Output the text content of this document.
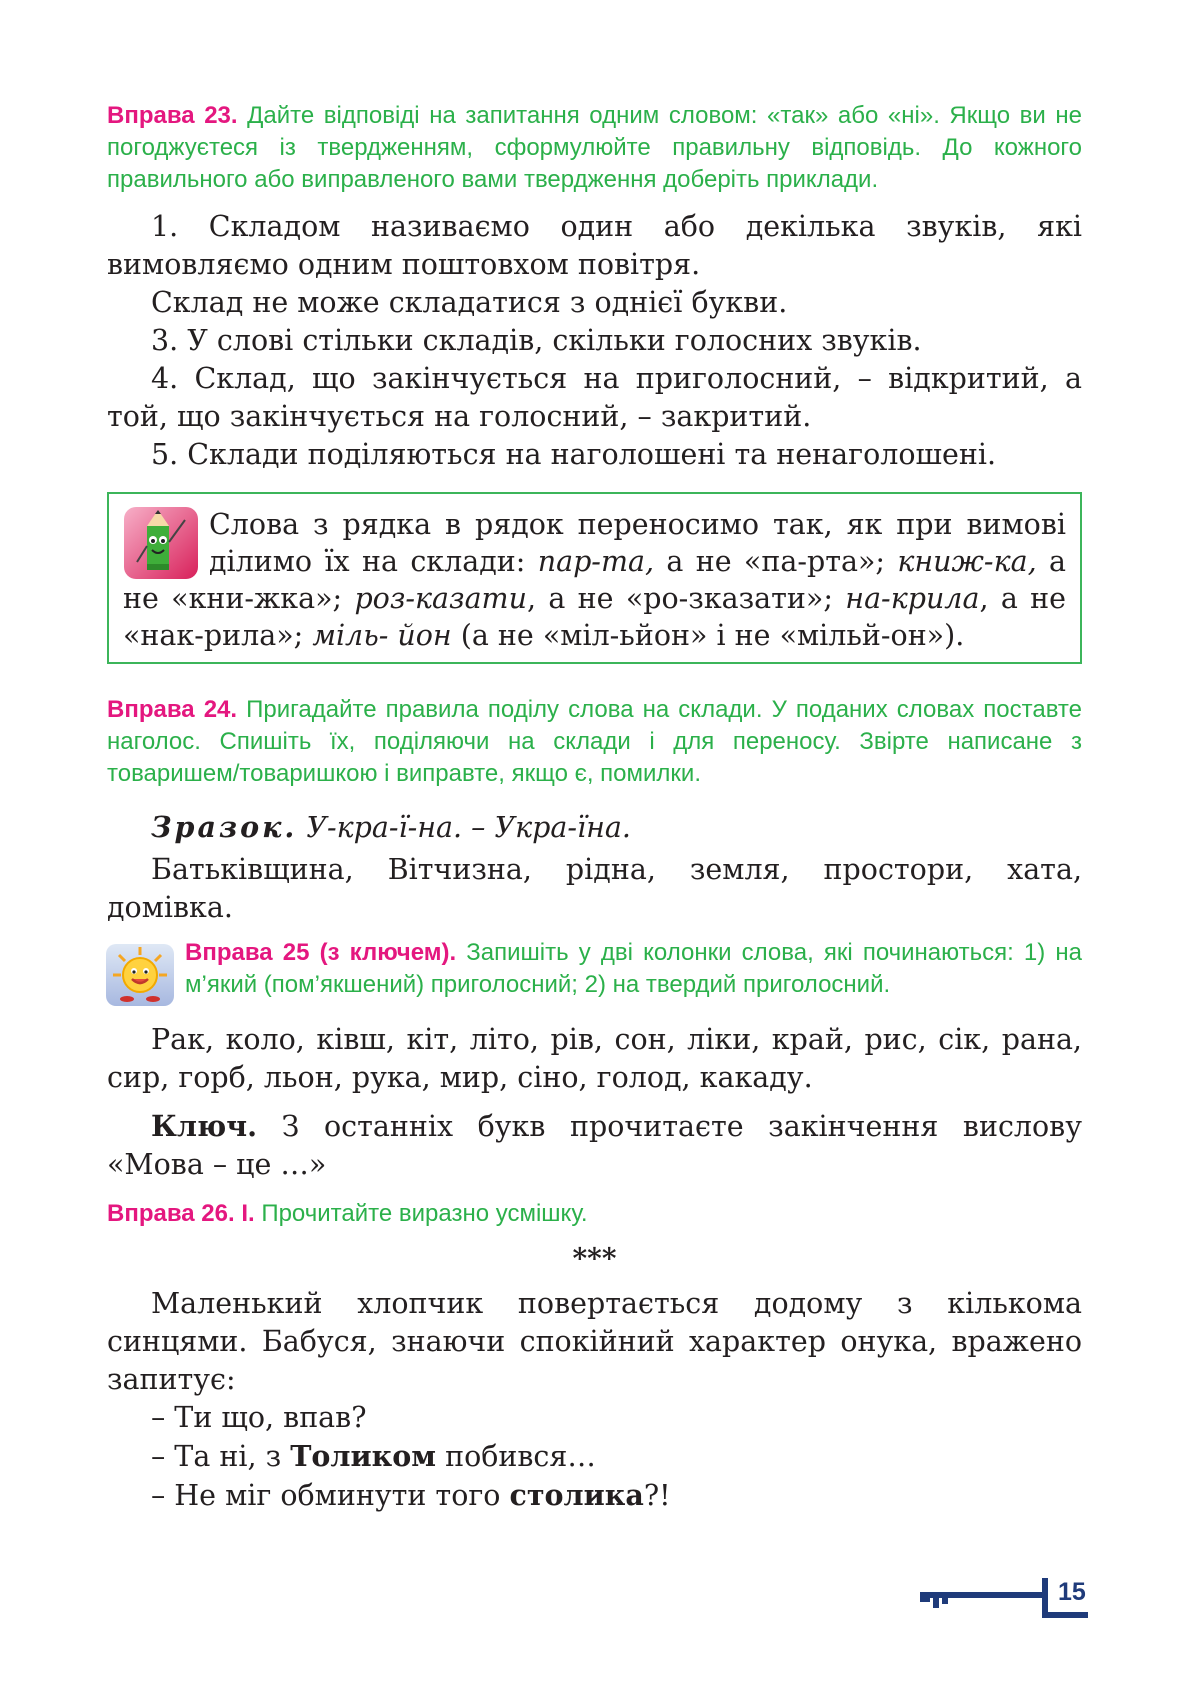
Вправа 23. Дайте відповіді на запитання одним словом: «так» або «ні». Якщо ви не погоджуєтеся із твердженням, сформулюйте правильну відповідь. До кожного правильного або виправленого вами твердження доберіть приклади.

1. Складом називаємо один або декілька звуків, які вимовляємо одним поштовхом повітря.

Склад не може складатися з однієї букви.

3. У слові стільки складів, скільки голосних звуків.

4. Склад, що закінчується на приголосний, – відкритий, а той, що закінчується на голосний, – закритий.

5. Склади поділяються на наголошені та ненаголошені.

Слова з рядка в рядок переносимо так, як при вимові ділимо їх на склади: пар-та, а не «па-рта»; книж-ка, а не «кни-жка»; роз-казати, а не «ро-зказати»; на-крила, а не «нак-рила»; міль- йон (а не «міл-ьйон» і не «мільй-он»).

Вправа 24. Пригадайте правила поділу слова на склади. У поданих словах поставте наголос. Спишіть їх, поділяючи на склади і для переносу. Звірте написане з товаришем/товаришкою і виправте, якщо є, помилки.

Зразок. У-кра-ї-на. – Укра-їна.

Батьківщина, Вітчизна, рідна, земля, простори, хата, домівка.

Вправа 25 (з ключем). Запишіть у дві колонки слова, які починаються: 1) на м’який (пом’якшений) приголосний; 2) на твердий приголосний.

Рак, коло, ківш, кіт, літо, рів, сон, ліки, край, рис, сік, рана, сир, горб, льон, рука, мир, сіно, голод, какаду.

Ключ. З останніх букв прочитаєте закінчення вислову «Мова – це …»

Вправа 26. І. Прочитайте виразно усмішку.

***

Маленький хлопчик повертається додому з кількома синцями. Бабуся, знаючи спокійний характер онука, вражено запитує:

– Ти що, впав?

– Та ні, з Толиком побився…

– Не міг обминути того столика?!

15
